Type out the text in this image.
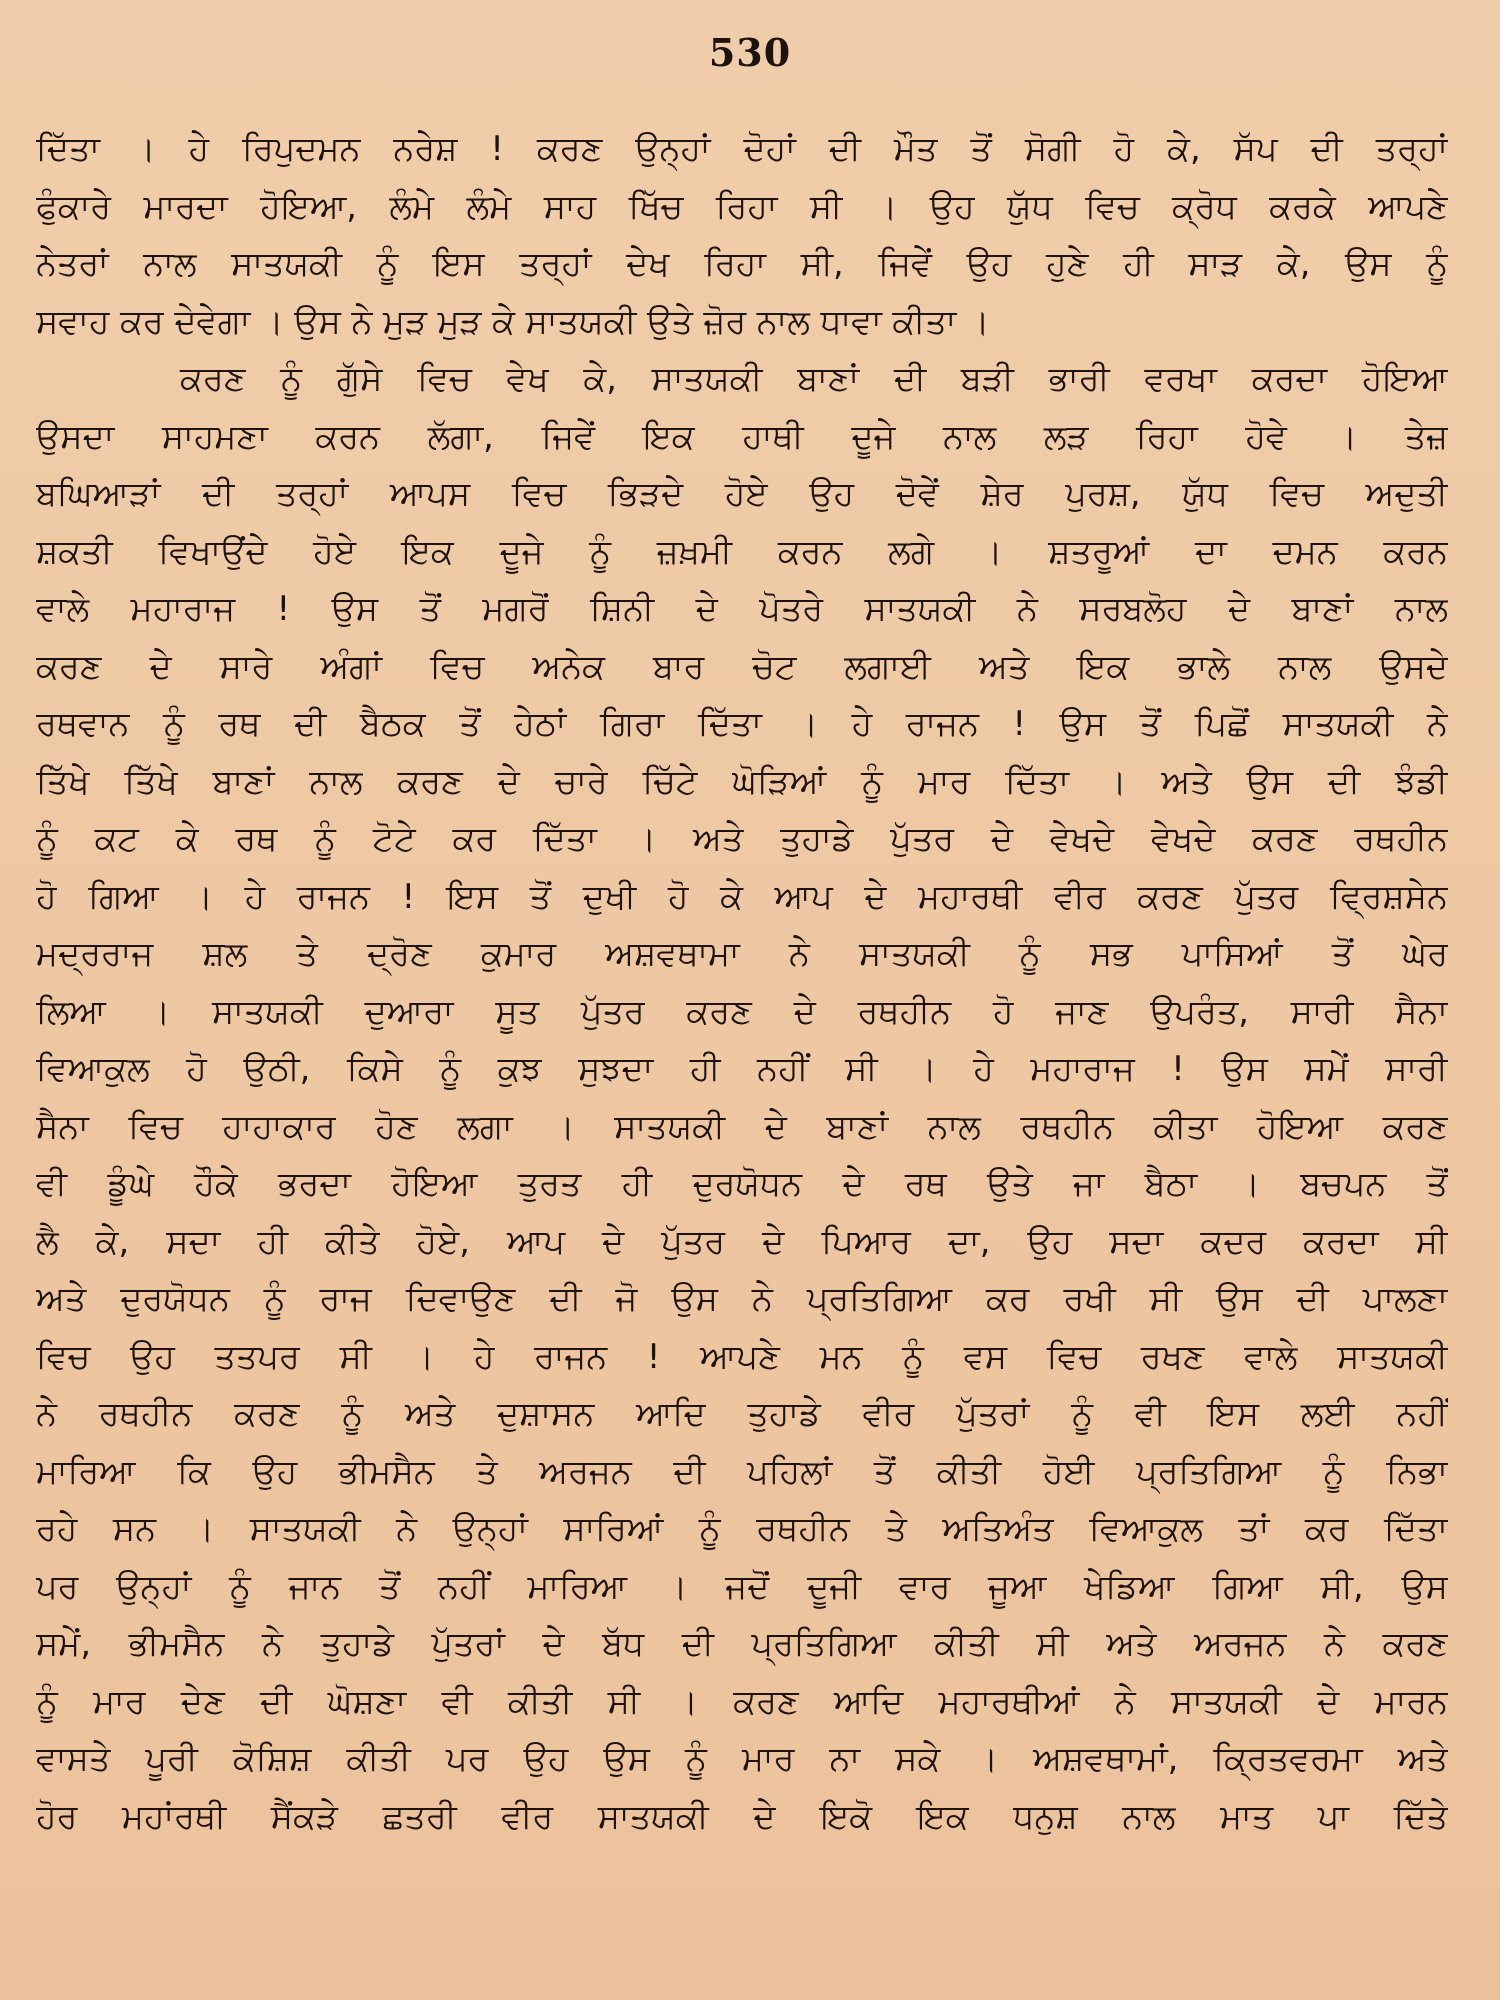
530
ਦਿੱਤਾ । ਹੇ ਰਿਪੁਦਮਨ ਨਰੇਸ਼ ! ਕਰਣ ਉਨ੍ਹਾਂ ਦੋਹਾਂ ਦੀ ਮੌਤ ਤੋਂ ਸੋਗੀ ਹੋ ਕੇ, ਸੱਪ ਦੀ ਤਰ੍ਹਾਂ
ਫੁੰਕਾਰੇ ਮਾਰਦਾ ਹੋਇਆ, ਲੰਮੇ ਲੰਮੇ ਸਾਹ ਖਿੱਚ ਰਿਹਾ ਸੀ । ਉਹ ਯੁੱਧ ਵਿਚ ਕ੍ਰੋਧ ਕਰਕੇ ਆਪਣੇ
ਨੇਤਰਾਂ ਨਾਲ ਸਾਤਯਕੀ ਨੂੰ ਇਸ ਤਰ੍ਹਾਂ ਦੇਖ ਰਿਹਾ ਸੀ, ਜਿਵੇਂ ਉਹ ਹੁਣੇ ਹੀ ਸਾੜ ਕੇ, ਉਸ ਨੂੰ
ਸਵਾਹ ਕਰ ਦੇਵੇਗਾ । ਉਸ ਨੇ ਮੁੜ ਮੁੜ ਕੇ ਸਾਤਯਕੀ ਉਤੇ ਜ਼ੋਰ ਨਾਲ ਧਾਵਾ ਕੀਤਾ ।
ਕਰਣ ਨੂੰ ਗੁੱਸੇ ਵਿਚ ਵੇਖ ਕੇ, ਸਾਤਯਕੀ ਬਾਣਾਂ ਦੀ ਬੜੀ ਭਾਰੀ ਵਰਖਾ ਕਰਦਾ ਹੋਇਆ
ਉਸਦਾ ਸਾਹਮਣਾ ਕਰਨ ਲੱਗਾ, ਜਿਵੇਂ ਇਕ ਹਾਥੀ ਦੂਜੇ ਨਾਲ ਲੜ ਰਿਹਾ ਹੋਵੇ । ਤੇਜ਼
ਬਘਿਆੜਾਂ ਦੀ ਤਰ੍ਹਾਂ ਆਪਸ ਵਿਚ ਭਿੜਦੇ ਹੋਏ ਉਹ ਦੋਵੇਂ ਸ਼ੇਰ ਪੁਰਸ਼, ਯੁੱਧ ਵਿਚ ਅਦੁਤੀ
ਸ਼ਕਤੀ ਵਿਖਾਉਂਦੇ ਹੋਏ ਇਕ ਦੂਜੇ ਨੂੰ ਜ਼ਖ਼ਮੀ ਕਰਨ ਲਗੇ । ਸ਼ਤਰੂਆਂ ਦਾ ਦਮਨ ਕਰਨ
ਵਾਲੇ ਮਹਾਰਾਜ ! ਉਸ ਤੋਂ ਮਗਰੋਂ ਸ਼ਿਨੀ ਦੇ ਪੋਤਰੇ ਸਾਤਯਕੀ ਨੇ ਸਰਬਲੋਹ ਦੇ ਬਾਣਾਂ ਨਾਲ
ਕਰਣ ਦੇ ਸਾਰੇ ਅੰਗਾਂ ਵਿਚ ਅਨੇਕ ਬਾਰ ਚੋਟ ਲਗਾਈ ਅਤੇ ਇਕ ਭਾਲੇ ਨਾਲ ਉਸਦੇ
ਰਥਵਾਨ ਨੂੰ ਰਥ ਦੀ ਬੈਠਕ ਤੋਂ ਹੇਠਾਂ ਗਿਰਾ ਦਿੱਤਾ । ਹੇ ਰਾਜਨ ! ਉਸ ਤੋਂ ਪਿਛੋਂ ਸਾਤਯਕੀ ਨੇ
ਤਿੱਖੇ ਤਿੱਖੇ ਬਾਣਾਂ ਨਾਲ ਕਰਣ ਦੇ ਚਾਰੇ ਚਿੱਟੇ ਘੋੜਿਆਂ ਨੂੰ ਮਾਰ ਦਿੱਤਾ । ਅਤੇ ਉਸ ਦੀ ਝੰਡੀ
ਨੂੰ ਕਟ ਕੇ ਰਥ ਨੂੰ ਟੋਟੇ ਕਰ ਦਿੱਤਾ । ਅਤੇ ਤੁਹਾਡੇ ਪੁੱਤਰ ਦੇ ਵੇਖਦੇ ਵੇਖਦੇ ਕਰਣ ਰਥਹੀਨ
ਹੋ ਗਿਆ । ਹੇ ਰਾਜਨ ! ਇਸ ਤੋਂ ਦੁਖੀ ਹੋ ਕੇ ਆਪ ਦੇ ਮਹਾਰਥੀ ਵੀਰ ਕਰਣ ਪੁੱਤਰ ਵ੍ਰਿਸ਼ਸੇਨ
ਮਦ੍ਰਰਾਜ ਸ਼ਲ ਤੇ ਦ੍ਰੋਣ ਕੁਮਾਰ ਅਸ਼ਵਥਾਮਾ ਨੇ ਸਾਤਯਕੀ ਨੂੰ ਸਭ ਪਾਸਿਆਂ ਤੋਂ ਘੇਰ
ਲਿਆ । ਸਾਤਯਕੀ ਦੁਆਰਾ ਸੂਤ ਪੁੱਤਰ ਕਰਣ ਦੇ ਰਥਹੀਨ ਹੋ ਜਾਣ ਉਪਰੰਤ, ਸਾਰੀ ਸੈਨਾ
ਵਿਆਕੁਲ ਹੋ ਉਠੀ, ਕਿਸੇ ਨੂੰ ਕੁਝ ਸੁਝਦਾ ਹੀ ਨਹੀਂ ਸੀ । ਹੇ ਮਹਾਰਾਜ ! ਉਸ ਸਮੇਂ ਸਾਰੀ
ਸੈਨਾ ਵਿਚ ਹਾਹਾਕਾਰ ਹੋਣ ਲਗਾ । ਸਾਤਯਕੀ ਦੇ ਬਾਣਾਂ ਨਾਲ ਰਥਹੀਨ ਕੀਤਾ ਹੋਇਆ ਕਰਣ
ਵੀ ਡੂੰਘੇ ਹੌਕੇ ਭਰਦਾ ਹੋਇਆ ਤੁਰਤ ਹੀ ਦੁਰਯੋਧਨ ਦੇ ਰਥ ਉਤੇ ਜਾ ਬੈਠਾ । ਬਚਪਨ ਤੋਂ
ਲੈ ਕੇ, ਸਦਾ ਹੀ ਕੀਤੇ ਹੋਏ, ਆਪ ਦੇ ਪੁੱਤਰ ਦੇ ਪਿਆਰ ਦਾ, ਉਹ ਸਦਾ ਕਦਰ ਕਰਦਾ ਸੀ
ਅਤੇ ਦੁਰਯੋਧਨ ਨੂੰ ਰਾਜ ਦਿਵਾਉਣ ਦੀ ਜੋ ਉਸ ਨੇ ਪ੍ਰਤਿਗਿਆ ਕਰ ਰਖੀ ਸੀ ਉਸ ਦੀ ਪਾਲਣਾ
ਵਿਚ ਉਹ ਤਤਪਰ ਸੀ । ਹੇ ਰਾਜਨ ! ਆਪਣੇ ਮਨ ਨੂੰ ਵਸ ਵਿਚ ਰਖਣ ਵਾਲੇ ਸਾਤਯਕੀ
ਨੇ ਰਥਹੀਨ ਕਰਣ ਨੂੰ ਅਤੇ ਦੁਸ਼ਾਸਨ ਆਦਿ ਤੁਹਾਡੇ ਵੀਰ ਪੁੱਤਰਾਂ ਨੂੰ ਵੀ ਇਸ ਲਈ ਨਹੀਂ
ਮਾਰਿਆ ਕਿ ਉਹ ਭੀਮਸੈਨ ਤੇ ਅਰਜਨ ਦੀ ਪਹਿਲਾਂ ਤੋਂ ਕੀਤੀ ਹੋਈ ਪ੍ਰਤਿਗਿਆ ਨੂੰ ਨਿਭਾ
ਰਹੇ ਸਨ । ਸਾਤਯਕੀ ਨੇ ਉਨ੍ਹਾਂ ਸਾਰਿਆਂ ਨੂੰ ਰਥਹੀਨ ਤੇ ਅਤਿਅੰਤ ਵਿਆਕੁਲ ਤਾਂ ਕਰ ਦਿੱਤਾ
ਪਰ ਉਨ੍ਹਾਂ ਨੂੰ ਜਾਨ ਤੋਂ ਨਹੀਂ ਮਾਰਿਆ । ਜਦੋਂ ਦੂਜੀ ਵਾਰ ਜੂਆ ਖੇਡਿਆ ਗਿਆ ਸੀ, ਉਸ
ਸਮੇਂ, ਭੀਮਸੈਨ ਨੇ ਤੁਹਾਡੇ ਪੁੱਤਰਾਂ ਦੇ ਬੱਧ ਦੀ ਪ੍ਰਤਿਗਿਆ ਕੀਤੀ ਸੀ ਅਤੇ ਅਰਜਨ ਨੇ ਕਰਣ
ਨੂੰ ਮਾਰ ਦੇਣ ਦੀ ਘੋਸ਼ਣਾ ਵੀ ਕੀਤੀ ਸੀ । ਕਰਣ ਆਦਿ ਮਹਾਰਥੀਆਂ ਨੇ ਸਾਤਯਕੀ ਦੇ ਮਾਰਨ
ਵਾਸਤੇ ਪੂਰੀ ਕੋਸ਼ਿਸ਼ ਕੀਤੀ ਪਰ ਉਹ ਉਸ ਨੂੰ ਮਾਰ ਨਾ ਸਕੇ । ਅਸ਼ਵਥਾਮਾਂ, ਕ੍ਰਿਤਵਰਮਾ ਅਤੇ
ਹੋਰ ਮਹਾਂਰਥੀ ਸੈਂਕੜੇ ਛਤਰੀ ਵੀਰ ਸਾਤਯਕੀ ਦੇ ਇਕੋ ਇਕ ਧਨੁਸ਼ ਨਾਲ ਮਾਤ ਪਾ ਦਿੱਤੇ
